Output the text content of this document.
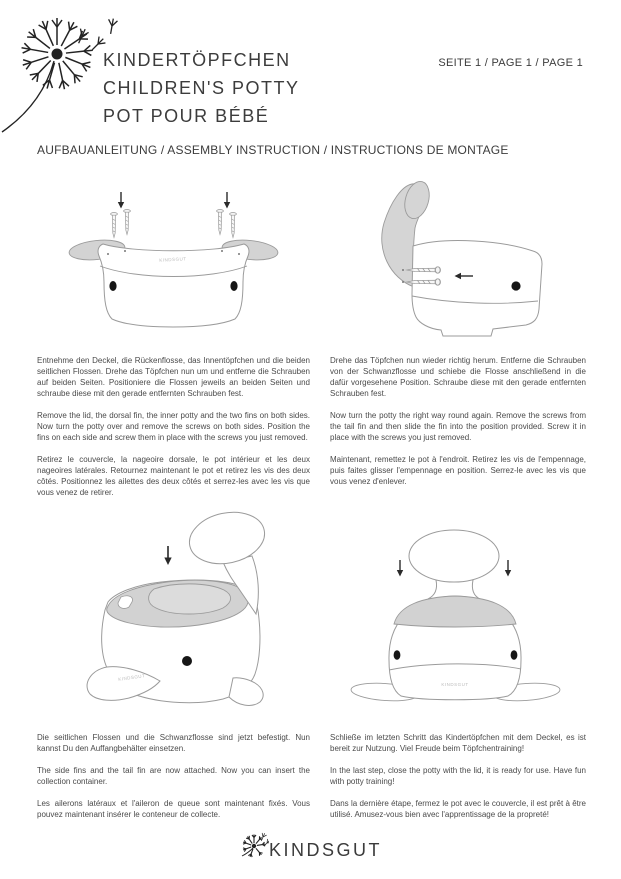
KINDERTÖPFCHEN
CHILDREN'S POTTY
POT POUR BÉBÉ
SEITE 1 / PAGE 1 / PAGE 1
AUFBAUANLEITUNG / ASSEMBLY INSTRUCTION / INSTRUCTIONS DE MONTAGE
KINDSGUT

Entnehme den Deckel, die Rückenflosse, das Innentöpfchen und die beiden seitlichen Flossen. Drehe das Töpfchen nun um und entferne die Schrauben auf beiden Seiten. Positioniere die Flossen jeweils an beiden Seiten und schraube diese mit den gerade entfernten Schrauben fest.

Remove the lid, the dorsal fin, the inner potty and the two fins on both sides. Now turn the potty over and remove the screws on both sides. Position the fins on each side and screw them in place with the screws you just removed.

Retirez le couvercle, la nageoire dorsale, le pot intérieur et les deux nageoires latérales. Retournez maintenant le pot et retirez les vis des deux côtés. Positionnez les ailettes des deux côtés et serrez-les avec les vis que vous venez de retirer.

Drehe das Töpfchen nun wieder richtig herum. Entferne die Schrauben von der Schwanzflosse und schiebe die Flosse anschließend in die dafür vorgesehene Position. Schraube diese mit den gerade entfernten Schrauben fest.

Now turn the potty the right way round again. Remove the screws from the tail fin and then slide the fin into the position provided. Screw it in place with the screws you just removed.

Maintenant, remettez le pot à l'endroit. Retirez les vis de l'empennage, puis faites glisser l'empennage en position. Serrez-le avec les vis que vous venez d'enlever.

KINDSGUT
KINDSGUT

Die seitlichen Flossen und die Schwanzflosse sind jetzt befestigt. Nun kannst Du den Auffangbehälter einsetzen.

The side fins and the tail fin are now attached. Now you can insert the collection container.

Les ailerons latéraux et l'aileron de queue sont maintenant fixés. Vous pouvez maintenant insérer le conteneur de collecte.

Schließe im letzten Schritt das Kindertöpfchen mit dem Deckel, es ist bereit zur Nutzung. Viel Freude beim Töpfchentraining!

In the last step, close the potty with the lid, it is ready for use. Have fun with potty training!

Dans la dernière étape, fermez le pot avec le couvercle, il est prêt à être utilisé. Amusez-vous bien avec l'apprentissage de la propreté!

KINDSGUT
